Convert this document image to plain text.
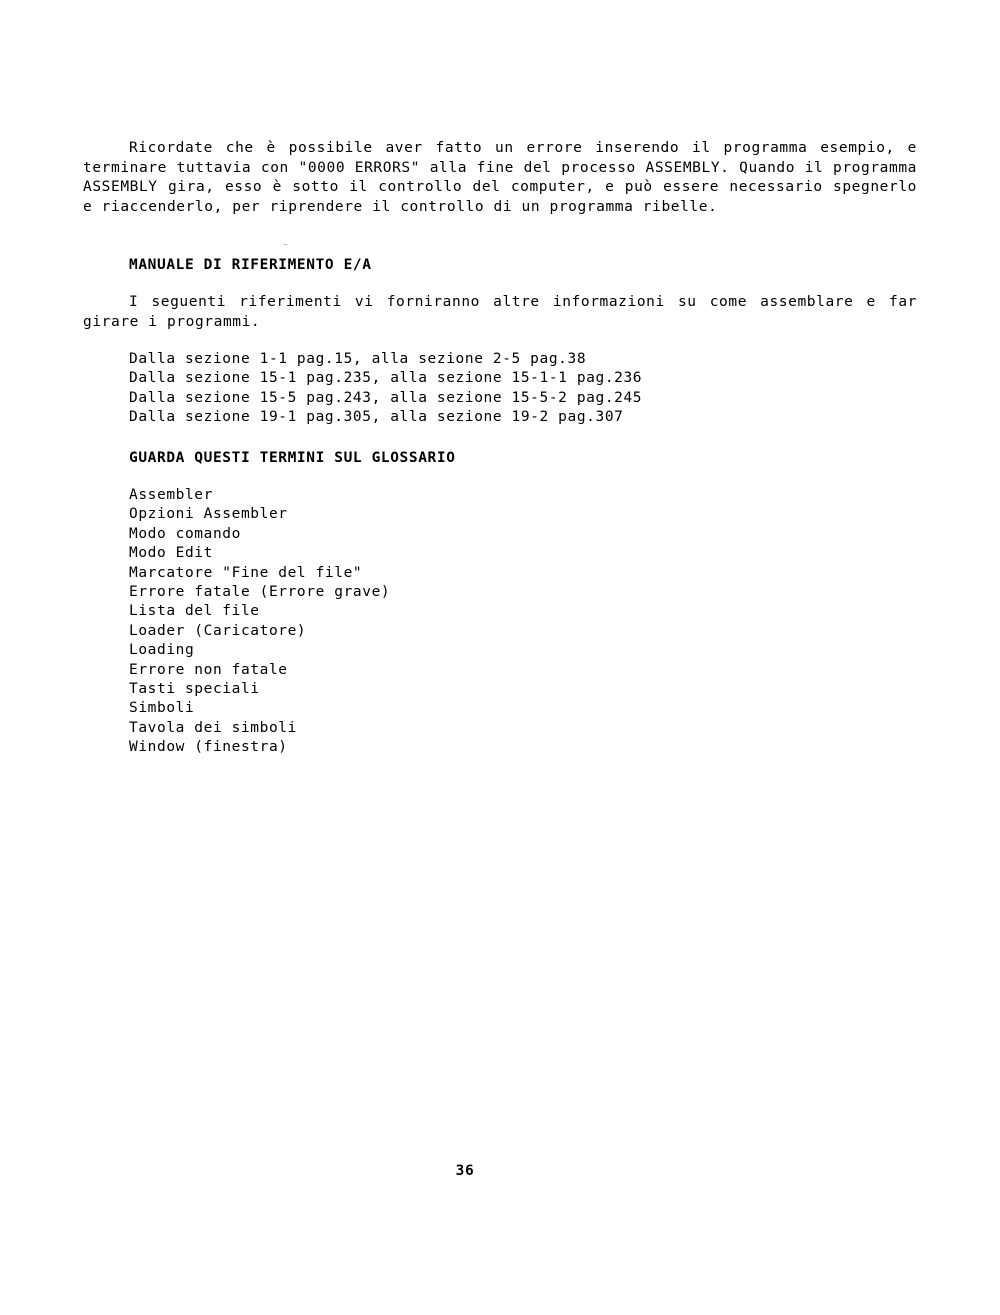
Ricordate che è possibile aver fatto un errore inserendo il programma esempio, e terminare tuttavia con "0000 ERRORS" alla fine del processo ASSEMBLY. Quando il programma ASSEMBLY gira, esso è sotto il controllo del computer, e può essere necessario spegnerlo e riaccenderlo, per riprendere il controllo di un programma ribelle.

MANUALE DI RIFERIMENTO E/A

I seguenti riferimenti vi forniranno altre informazioni su come assemblare e far girare i programmi.

Dalla sezione 1-1 pag.15, alla sezione 2-5 pag.38
Dalla sezione 15-1 pag.235, alla sezione 15-1-1 pag.236
Dalla sezione 15-5 pag.243, alla sezione 15-5-2 pag.245
Dalla sezione 19-1 pag.305, alla sezione 19-2 pag.307
GUARDA QUESTI TERMINI SUL GLOSSARIO
Assembler
Opzioni Assembler
Modo comando
Modo Edit
Marcatore "Fine del file"
Errore fatale (Errore grave)
Lista del file
Loader (Caricatore)
Loading
Errore non fatale
Tasti speciali
Simboli
Tavola dei simboli
Window (finestra)
36
